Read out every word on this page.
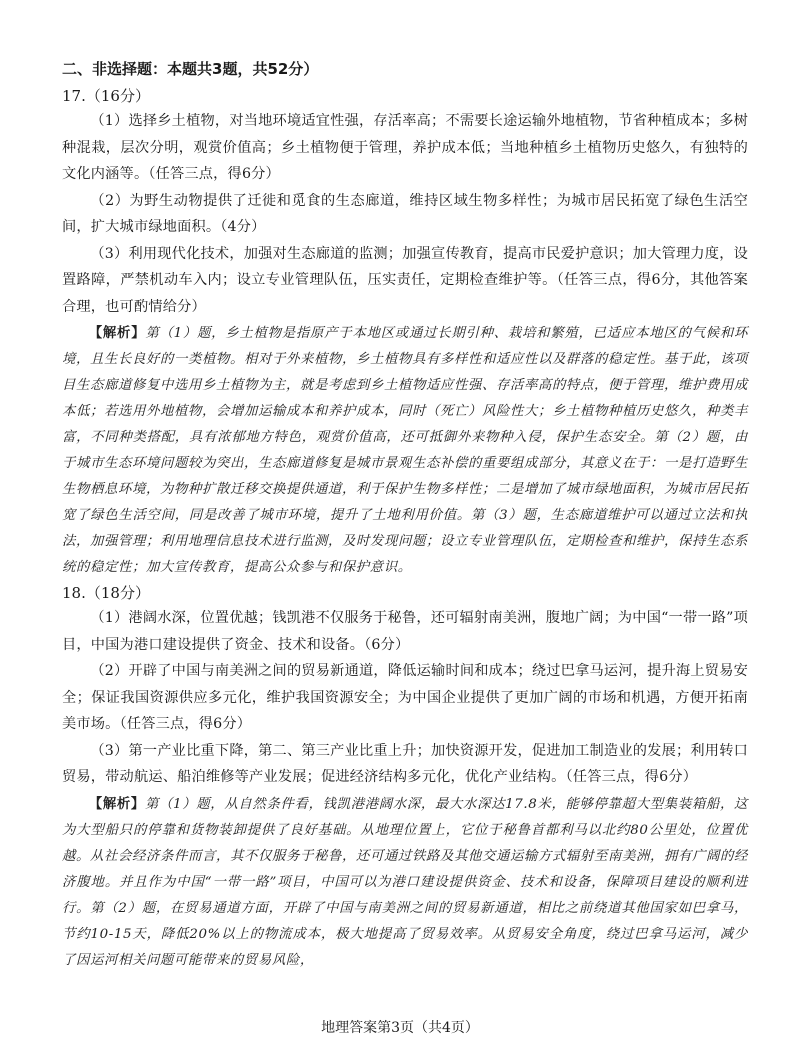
二、非选择题：本题共3题，共52分）

17.（16分）

（1）选择乡土植物，对当地环境适宜性强，存活率高；不需要长途运输外地植物，节省种植成本；多树种混栽，层次分明，观赏价值高；乡土植物便于管理，养护成本低；当地种植乡土植物历史悠久，有独特的文化内涵等。（任答三点，得6分）

（2）为野生动物提供了迁徙和觅食的生态廊道，维持区域生物多样性；为城市居民拓宽了绿色生活空间，扩大城市绿地面积。（4分）

（3）利用现代化技术，加强对生态廊道的监测；加强宣传教育，提高市民爱护意识；加大管理力度，设置路障，严禁机动车入内；设立专业管理队伍，压实责任，定期检查维护等。（任答三点，得6分，其他答案合理，也可酌情给分）

【解析】第（1）题，乡土植物是指原产于本地区或通过长期引种、栽培和繁殖，已适应本地区的气候和环境，且生长良好的一类植物。相对于外来植物，乡土植物具有多样性和适应性以及群落的稳定性。基于此，该项目生态廊道修复中选用乡土植物为主，就是考虑到乡土植物适应性强、存活率高的特点，便于管理，维护费用成本低；若选用外地植物，会增加运输成本和养护成本，同时（死亡）风险性大；乡土植物种植历史悠久，种类丰富，不同种类搭配，具有浓郁地方特色，观赏价值高，还可抵御外来物种入侵，保护生态安全。第（2）题，由于城市生态环境问题较为突出，生态廊道修复是城市景观生态补偿的重要组成部分，其意义在于：一是打造野生生物栖息环境，为物种扩散迁移交换提供通道，利于保护生物多样性；二是增加了城市绿地面积，为城市居民拓宽了绿色生活空间，同是改善了城市环境，提升了土地利用价值。第（3）题，生态廊道维护可以通过立法和执法，加强管理；利用地理信息技术进行监测，及时发现问题；设立专业管理队伍，定期检查和维护，保持生态系统的稳定性；加大宣传教育，提高公众参与和保护意识。

18.（18分）

（1）港阔水深，位置优越；钱凯港不仅服务于秘鲁，还可辐射南美洲，腹地广阔；为中国“一带一路”项目，中国为港口建设提供了资金、技术和设备。（6分）

（2）开辟了中国与南美洲之间的贸易新通道，降低运输时间和成本；绕过巴拿马运河，提升海上贸易安全；保证我国资源供应多元化，维护我国资源安全；为中国企业提供了更加广阔的市场和机遇，方便开拓南美市场。（任答三点，得6分）

（3）第一产业比重下降，第二、第三产业比重上升；加快资源开发，促进加工制造业的发展；利用转口贸易，带动航运、船泊维修等产业发展；促进经济结构多元化，优化产业结构。（任答三点，得6分）

【解析】第（1）题，从自然条件看，钱凯港港阔水深，最大水深达17.8米，能够停靠超大型集装箱船，这为大型船只的停靠和货物装卸提供了良好基础。从地理位置上，它位于秘鲁首都利马以北约80公里处，位置优越。从社会经济条件而言，其不仅服务于秘鲁，还可通过铁路及其他交通运输方式辐射至南美洲，拥有广阔的经济腹地。并且作为中国“一带一路”项目，中国可以为港口建设提供资金、技术和设备，保障项目建设的顺利进行。第（2）题，在贸易通道方面，开辟了中国与南美洲之间的贸易新通道，相比之前绕道其他国家如巴拿马，节约10-15天，降低20%以上的物流成本，极大地提高了贸易效率。从贸易安全角度，绕过巴拿马运河，减少了因运河相关问题可能带来的贸易风险，

地理答案第3页（共4页）
